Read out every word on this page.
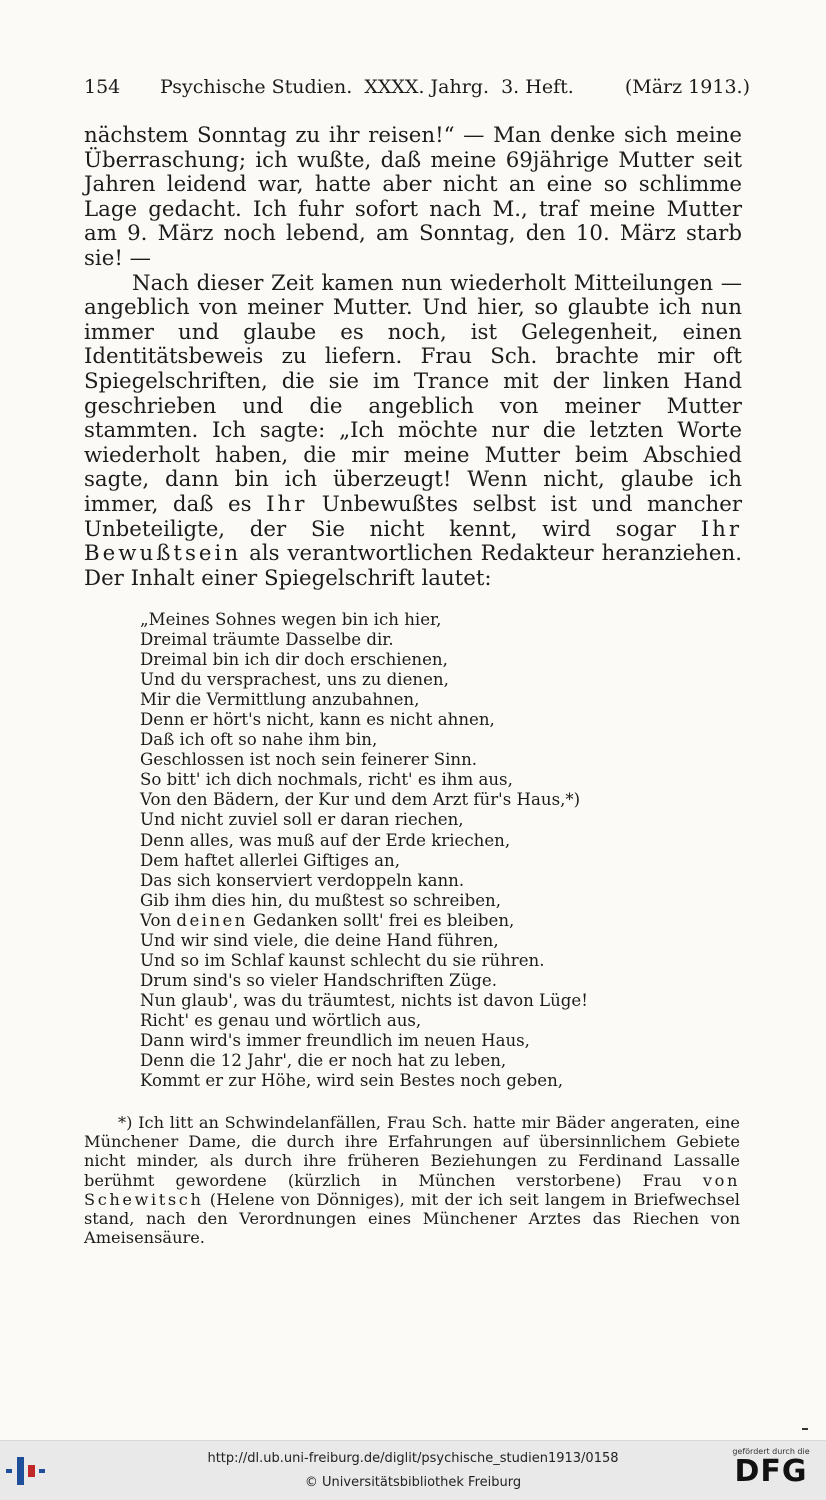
154 Psychische Studien.  XXXX. Jahrg.  3. Heft.	(März 1913.)

nächstem Sonntag zu ihr reisen!“ — Man denke sich meine Überraschung; ich wußte, daß meine 69jährige Mutter seit Jahren leidend war, hatte aber nicht an eine so schlimme Lage gedacht. Ich fuhr sofort nach M., traf meine Mutter am 9. März noch lebend, am Sonntag, den 10. März starb sie! —

Nach dieser Zeit kamen nun wiederholt Mitteilungen — angeblich von meiner Mutter. Und hier, so glaubte ich nun immer und glaube es noch, ist Gelegenheit, einen Identitätsbeweis zu liefern. Frau Sch. brachte mir oft Spiegelschriften, die sie im Trance mit der linken Hand geschrieben und die angeblich von meiner Mutter stammten. Ich sagte: „Ich möchte nur die letzten Worte wiederholt haben, die mir meine Mutter beim Abschied sagte, dann bin ich überzeugt! Wenn nicht, glaube ich immer, daß es Ihr Unbewußtes selbst ist und mancher Unbeteiligte, der Sie nicht kennt, wird sogar Ihr Bewußtsein als verantwortlichen Redakteur heranziehen. Der Inhalt einer Spiegelschrift lautet:

„Meines Sohnes wegen bin ich hier,
Dreimal träumte Dasselbe dir.
Dreimal bin ich dir doch erschienen,
Und du versprachest, uns zu dienen,
Mir die Vermittlung anzubahnen,
Denn er hört's nicht, kann es nicht ahnen,
Daß ich oft so nahe ihm bin,
Geschlossen ist noch sein feinerer Sinn.
So bitt' ich dich nochmals, richt' es ihm aus,
Von den Bädern, der Kur und dem Arzt für's Haus,*)
Und nicht zuviel soll er daran riechen,
Denn alles, was muß auf der Erde kriechen,
Dem haftet allerlei Giftiges an,
Das sich konserviert verdoppeln kann.
Gib ihm dies hin, du mußtest so schreiben,
Von deinen Gedanken sollt' frei es bleiben,
Und wir sind viele, die deine Hand führen,
Und so im Schlaf kaunst schlecht du sie rühren.
Drum sind's so vieler Handschriften Züge.
Nun glaub', was du träumtest, nichts ist davon Lüge!
Richt' es genau und wörtlich aus,
Dann wird's immer freundlich im neuen Haus,
Denn die 12 Jahr', die er noch hat zu leben,
Kommt er zur Höhe, wird sein Bestes noch geben,

*) Ich litt an Schwindelanfällen, Frau Sch. hatte mir Bäder angeraten, eine Münchener Dame, die durch ihre Erfahrungen auf übersinnlichem Gebiete nicht minder, als durch ihre früheren Beziehungen zu Ferdinand Lassalle berühmt gewordene (kürzlich in München verstorbene) Frau von Schewitsch (Helene von Dönniges), mit der ich seit langem in Briefwechsel stand, nach den Verordnungen eines Münchener Arztes das Riechen von Ameisensäure.

http://dl.ub.uni-freiburg.de/diglit/psychische_studien1913/0158
© Universitätsbibliothek Freiburg
gefördert durch die
DFG
